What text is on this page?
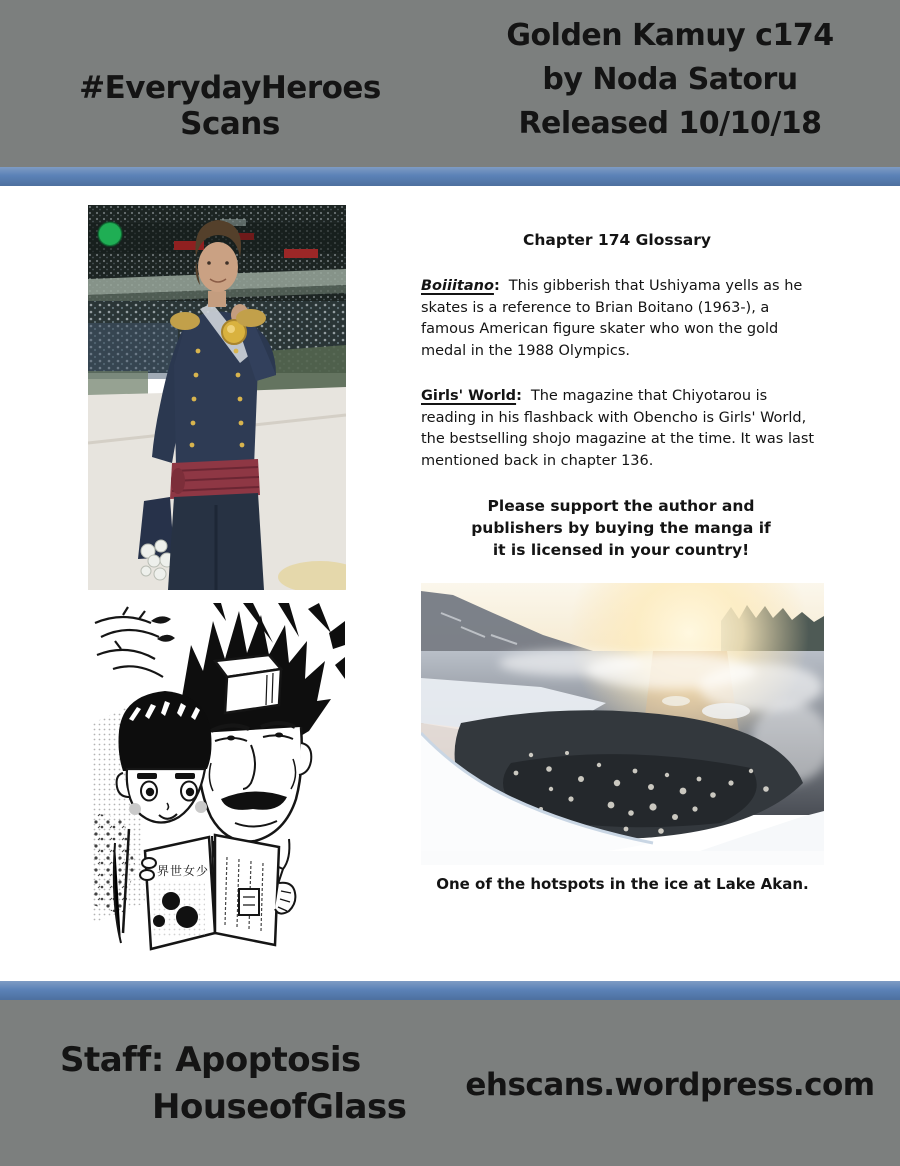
#EverydayHeroes Scans
Golden Kamuy c174
by Noda Satoru
Released 10/10/18
Chapter 174 Glossary

Boiiitano: This gibberish that Ushiyama yells as he skates is a reference to Brian Boitano (1963-), a famous American figure skater who won the gold medal in the 1988 Olympics.

Girls' World: The magazine that Chiyotarou is reading in his flashback with Obencho is Girls' World, the bestselling shojo magazine at the time. It was last mentioned back in chapter 136.

Please support the author and
publishers by buying the manga if
it is licensed in your country!
界世女少
One of the hotspots in the ice at Lake Akan.
Staff: Apoptosis
HouseofGlass
ehscans.wordpress.com
